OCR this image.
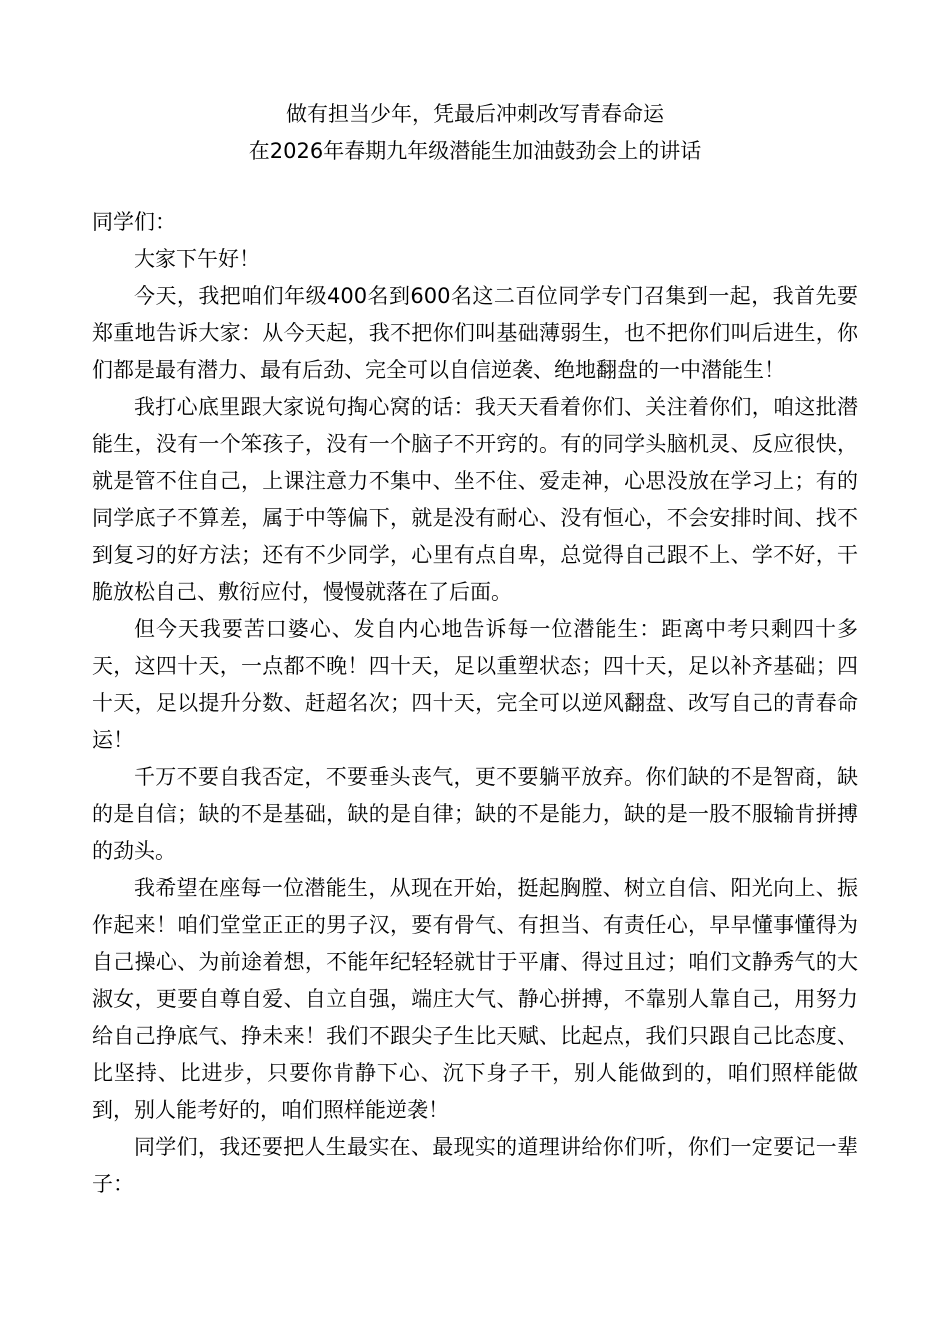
做有担当少年，凭最后冲刺改写青春命运

在2026年春期九年级潜能生加油鼓劲会上的讲话

同学们：

大家下午好！

今天，我把咱们年级400名到600名这二百位同学专门召集到一起，我首先要郑重地告诉大家：从今天起，我不把你们叫基础薄弱生，也不把你们叫后进生，你们都是最有潜力、最有后劲、完全可以自信逆袭、绝地翻盘的一中潜能生！

我打心底里跟大家说句掏心窝的话：我天天看着你们、关注着你们，咱这批潜能生，没有一个笨孩子，没有一个脑子不开窍的。有的同学头脑机灵、反应很快，就是管不住自己，上课注意力不集中、坐不住、爱走神，心思没放在学习上；有的同学底子不算差，属于中等偏下，就是没有耐心、没有恒心，不会安排时间、找不到复习的好方法；还有不少同学，心里有点自卑，总觉得自己跟不上、学不好，干脆放松自己、敷衍应付，慢慢就落在了后面。

但今天我要苦口婆心、发自内心地告诉每一位潜能生：距离中考只剩四十多天，这四十天，一点都不晚！四十天，足以重塑状态；四十天，足以补齐基础；四十天，足以提升分数、赶超名次；四十天，完全可以逆风翻盘、改写自己的青春命运！

千万不要自我否定，不要垂头丧气，更不要躺平放弃。你们缺的不是智商，缺的是自信；缺的不是基础，缺的是自律；缺的不是能力，缺的是一股不服输肯拼搏的劲头。

我希望在座每一位潜能生，从现在开始，挺起胸膛、树立自信、阳光向上、振作起来！咱们堂堂正正的男子汉，要有骨气、有担当、有责任心，早早懂事懂得为自己操心、为前途着想，不能年纪轻轻就甘于平庸、得过且过；咱们文静秀气的大淑女，更要自尊自爱、自立自强，端庄大气、静心拼搏，不靠别人靠自己，用努力给自己挣底气、挣未来！我们不跟尖子生比天赋、比起点，我们只跟自己比态度、比坚持、比进步，只要你肯静下心、沉下身子干，别人能做到的，咱们照样能做到，别人能考好的，咱们照样能逆袭！

同学们，我还要把人生最实在、最现实的道理讲给你们听，你们一定要记一辈子：
